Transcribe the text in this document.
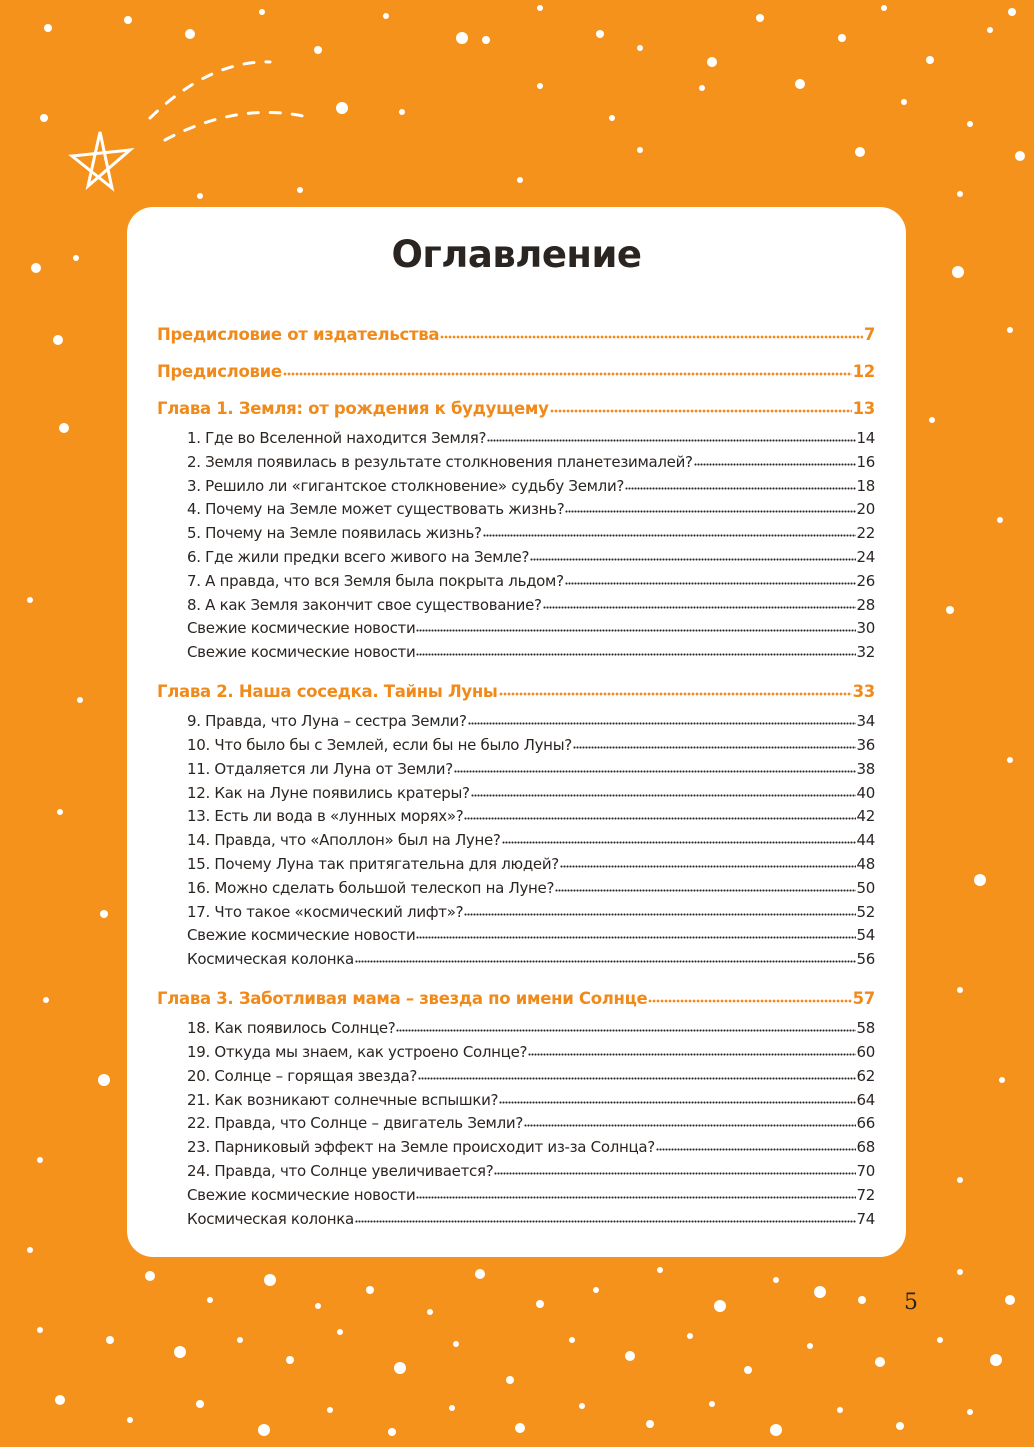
Оглавление
Предисловие от издательства	7
Предисловие	12
Глава 1. Земля: от рождения к будущему	13
1. Где во Вселенной находится Земля?	14
2. Земля появилась в результате столкновения планетезималей?	16
3. Решило ли «гигантское столкновение» судьбу Земли?	18
4. Почему на Земле может существовать жизнь?	20
5. Почему на Земле появилась жизнь?	22
6. Где жили предки всего живого на Земле?	24
7. А правда, что вся Земля была покрыта льдом?	26
8. А как Земля закончит свое существование?	28
Свежие космические новости	30
Свежие космические новости	32
Глава 2. Наша соседка. Тайны Луны	33
9. Правда, что Луна – сестра Земли?	34
10. Что было бы с Землей, если бы не было Луны?	36
11. Отдаляется ли Луна от Земли?	38
12. Как на Луне появились кратеры?	40
13. Есть ли вода в «лунных морях»?	42
14. Правда, что «Аполлон» был на Луне?	44
15. Почему Луна так притягательна для людей?	48
16. Можно сделать большой телескоп на Луне?	50
17. Что такое «космический лифт»?	52
Свежие космические новости	54
Космическая колонка	56
Глава 3. Заботливая мама – звезда по имени Солнце	57
18. Как появилось Солнце?	58
19. Откуда мы знаем, как устроено Солнце?	60
20. Солнце – горящая звезда?	62
21. Как возникают солнечные вспышки?	64
22. Правда, что Солнце – двигатель Земли?	66
23. Парниковый эффект на Земле происходит из-за Солнца?	68
24. Правда, что Солнце увеличивается?	70
Свежие космические новости	72
Космическая колонка	74
5
